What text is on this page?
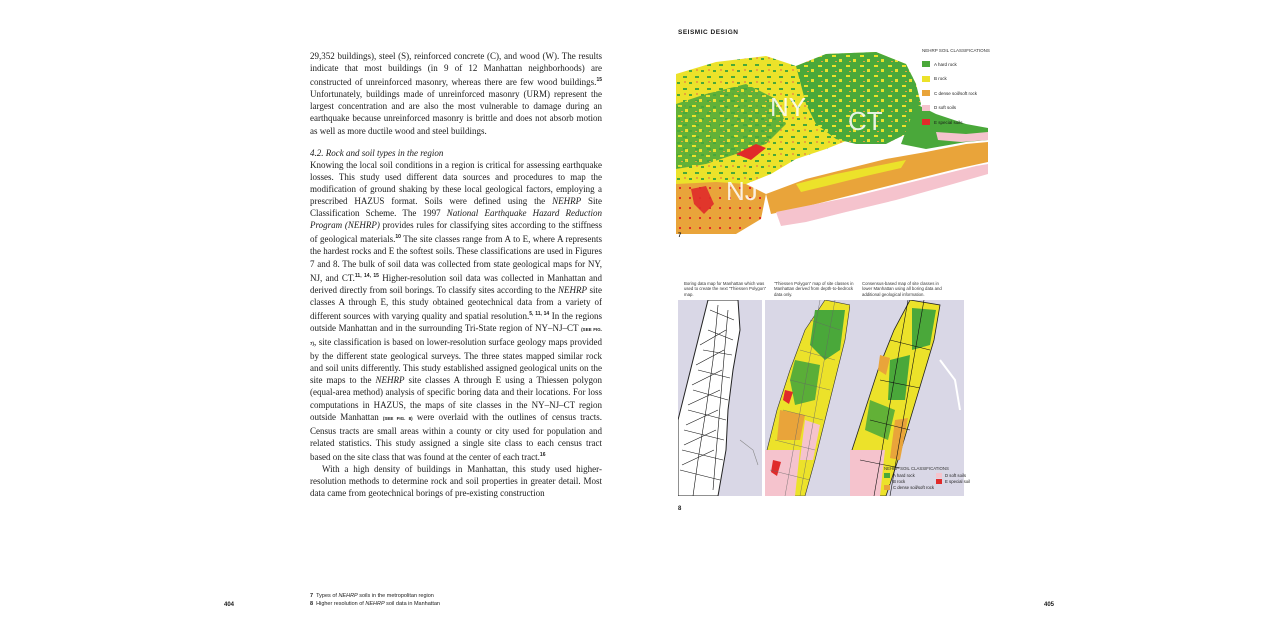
29,352 buildings), steel (S), reinforced concrete (C), and wood (W). The results indicate that most buildings (in 9 of 12 Manhattan neighborhoods) are constructed of unreinforced masonry, whereas there are few wood buildings.$^{15}$ Unfortunately, buildings made of unreinforced masonry (URM) represent the largest concentration and are also the most vulnerable to damage during an earthquake because unreinforced masonry is brittle and does not absorb motion as well as more ductile wood and steel buildings.

4.2. Rock and soil types in the region

Knowing the local soil conditions in a region is critical for assessing earthquake losses. This study used different data sources and procedures to map the modification of ground shaking by these local geological factors, employing a prescribed HAZUS format. Soils were defined using the NEHRP Site Classification Scheme. The 1997 National Earthquake Hazard Reduction Program (NEHRP) provides rules for classifying sites according to the stiffness of geological materials.$^{10}$ The site classes range from A to E, where A represents the hardest rocks and E the softest soils. These classifications are used in Figures 7 and 8. The bulk of soil data was collected from state geological maps for NY, NJ, and CT.$^{11, 14, 15}$ Higher-resolution soil data was collected in Manhattan and derived directly from soil borings. To classify sites according to the NEHRP site classes A through E, this study obtained geotechnical data from a variety of different sources with varying quality and spatial resolution.$^{5, 11, 14}$ In the regions outside Manhattan and in the surrounding Tri-State region of NY–NJ–CT (SEE FIG. 7), site classification is based on lower-resolution surface geology maps provided by the different state geological surveys. The three states mapped similar rock and soil units differently. This study established assigned geological units on the site maps to the NEHRP site classes A through E using a Thiessen polygon (equal-area method) analysis of specific boring data and their locations. For loss computations in HAZUS, the maps of site classes in the NY–NJ–CT region outside Manhattan (SEE FIG. 8) were overlaid with the outlines of census tracts. Census tracts are small areas within a county or city used for population and related statistics. This study assigned a single site class to each census tract based on the site class that was found at the center of each tract.$^{16}$

With a high density of buildings in Manhattan, this study used higher-resolution methods to determine rock and soil properties in greater detail. Most data came from geotechnical borings of pre-existing construction

7 Types of NEHRP soils in the metropolitan region
8 Higher resolution of NEHRP soil data in Manhattan
404	405
SEISMIC DESIGN
NY CT
NJ
NEHRP SOIL CLASSIFICATIONS
A hard rock
B rock
C dense soil/soft rock
D soft soils
E special soils
7
Boring data map for Manhattan which was used to create the next "Thiessen Polygon" map.
"Thiessen Polygon" map of site classes in Manhattan derived from depth-to-bedrock data only.
Consensus-based map of site classes in lower Manhattan using all boring data and additional geological information.
NEHRP SOIL CLASSIFICATIONS
A hard rock	D soft soils
B rock	E special soil
C dense soil/soft rock
8
